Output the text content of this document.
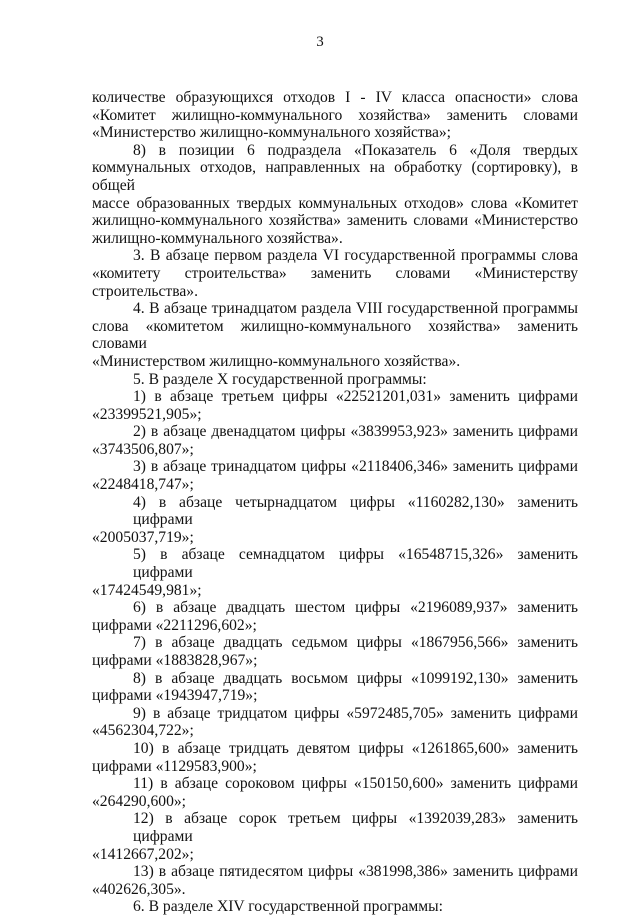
3
количестве образующихся отходов I - IV класса опасности» слова
«Комитет жилищно-коммунального хозяйства» заменить словами
«Министерство жилищно-коммунального хозяйства»;
8) в позиции 6 подраздела «Показатель 6 «Доля твердых
коммунальных отходов, направленных на обработку (сортировку), в общей
массе образованных твердых коммунальных отходов» слова «Комитет
жилищно-коммунального хозяйства» заменить словами «Министерство
жилищно-коммунального хозяйства».
3. В абзаце первом раздела VI государственной программы слова
«комитету строительства» заменить словами «Министерству
строительства».
4. В абзаце тринадцатом раздела VIII государственной программы
слова «комитетом жилищно-коммунального хозяйства» заменить словами
«Министерством жилищно-коммунального хозяйства».
5. В разделе X государственной программы:
1) в абзаце третьем цифры «22521201,031» заменить цифрами
«23399521,905»;
2) в абзаце двенадцатом цифры «3839953,923» заменить цифрами
«3743506,807»;
3) в абзаце тринадцатом цифры «2118406,346» заменить цифрами
«2248418,747»;
4) в абзаце четырнадцатом цифры «1160282,130» заменить цифрами
«2005037,719»;
5) в абзаце семнадцатом цифры «16548715,326» заменить цифрами
«17424549,981»;
6) в абзаце двадцать шестом цифры «2196089,937» заменить
цифрами «2211296,602»;
7) в абзаце двадцать седьмом цифры «1867956,566» заменить
цифрами «1883828,967»;
8) в абзаце двадцать восьмом цифры «1099192,130» заменить
цифрами «1943947,719»;
9) в абзаце тридцатом цифры «5972485,705» заменить цифрами
«4562304,722»;
10) в абзаце тридцать девятом цифры «1261865,600» заменить
цифрами «1129583,900»;
11) в абзаце сороковом цифры «150150,600» заменить цифрами
«264290,600»;
12) в абзаце сорок третьем цифры «1392039,283» заменить цифрами
«1412667,202»;
13) в абзаце пятидесятом цифры «381998,386» заменить цифрами
«402626,305».
6. В разделе XIV государственной программы:
